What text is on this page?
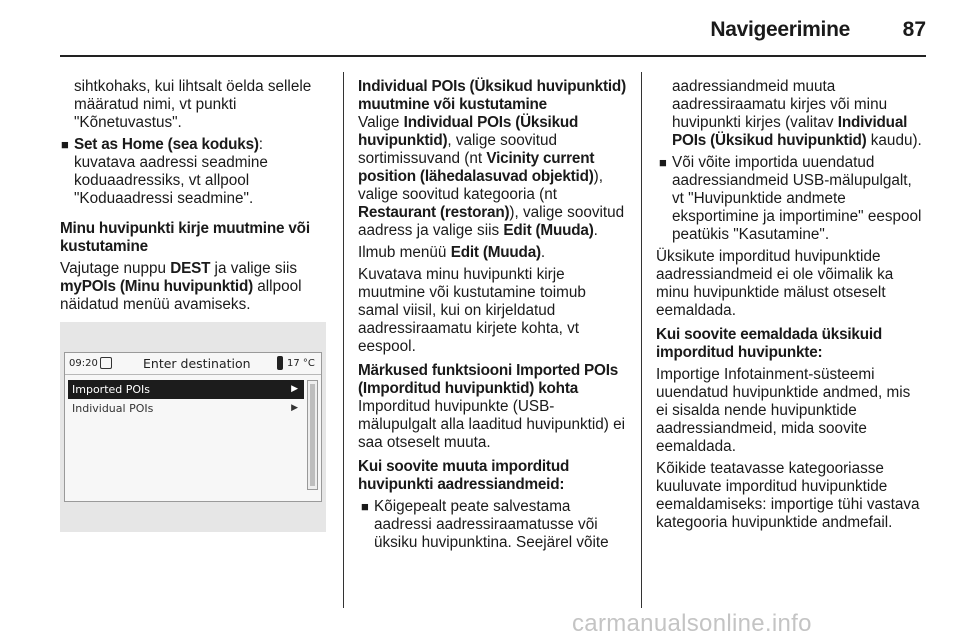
Navigeerimine	87
sihtkohaks, kui lihtsalt öelda sellele määratud nimi, vt punkti "Kõnetuvastus".
■ Set as Home (sea koduks):
kuvatava aadressi seadmine koduaadressiks, vt allpool "Koduaadressi seadmine".
Minu huvipunkti kirje muutmine või kustutamine
Vajutage nuppu DEST ja valige siis myPOIs (Minu huvipunktid) allpool näidatud menüü avamiseks.
09:20	Enter destination	17 °C
Imported POIs	▶
Individual POIs	▶
Individual POIs (Üksikud huvipunktid) muutmine või kustutamine
Valige Individual POIs (Üksikud huvipunktid), valige soovitud sortimissuvand (nt Vicinity current position (lähedalasuvad objektid)), valige soovitud kategooria (nt Restaurant (restoran)), valige soovitud aadress ja valige siis Edit (Muuda).
Ilmub menüü Edit (Muuda).
Kuvatava minu huvipunkti kirje muutmine või kustutamine toimub samal viisil, kui on kirjeldatud aadressiraamatu kirjete kohta, vt eespool.
Märkused funktsiooni Imported POIs (Imporditud huvipunktid) kohta
Imporditud huvipunkte (USB-mälupulgalt alla laaditud huvipunktid) ei saa otseselt muuta.
Kui soovite muuta imporditud huvipunkti aadressiandmeid:
■ Kõigepealt peate salvestama aadressi aadressiraamatusse või üksiku huvipunktina. Seejärel võite
aadressiandmeid muuta aadressiraamatu kirjes või minu huvipunkti kirjes (valitav Individual POIs (Üksikud huvipunktid) kaudu).
■ Või võite importida uuendatud aadressiandmeid USB-mälupulgalt, vt "Huvipunktide andmete eksportimine ja importimine" eespool peatükis "Kasutamine".
Üksikute imporditud huvipunktide aadressiandmeid ei ole võimalik ka minu huvipunktide mälust otseselt eemaldada.
Kui soovite eemaldada üksikuid imporditud huvipunkte:
Importige Infotainment-süsteemi uuendatud huvipunktide andmed, mis ei sisalda nende huvipunktide aadressiandmeid, mida soovite eemaldada.
Kõikide teatavasse kategooriasse kuuluvate imporditud huvipunktide eemaldamiseks: importige tühi vastava kategooria huvipunktide andmefail.
carmanualsonline.info
